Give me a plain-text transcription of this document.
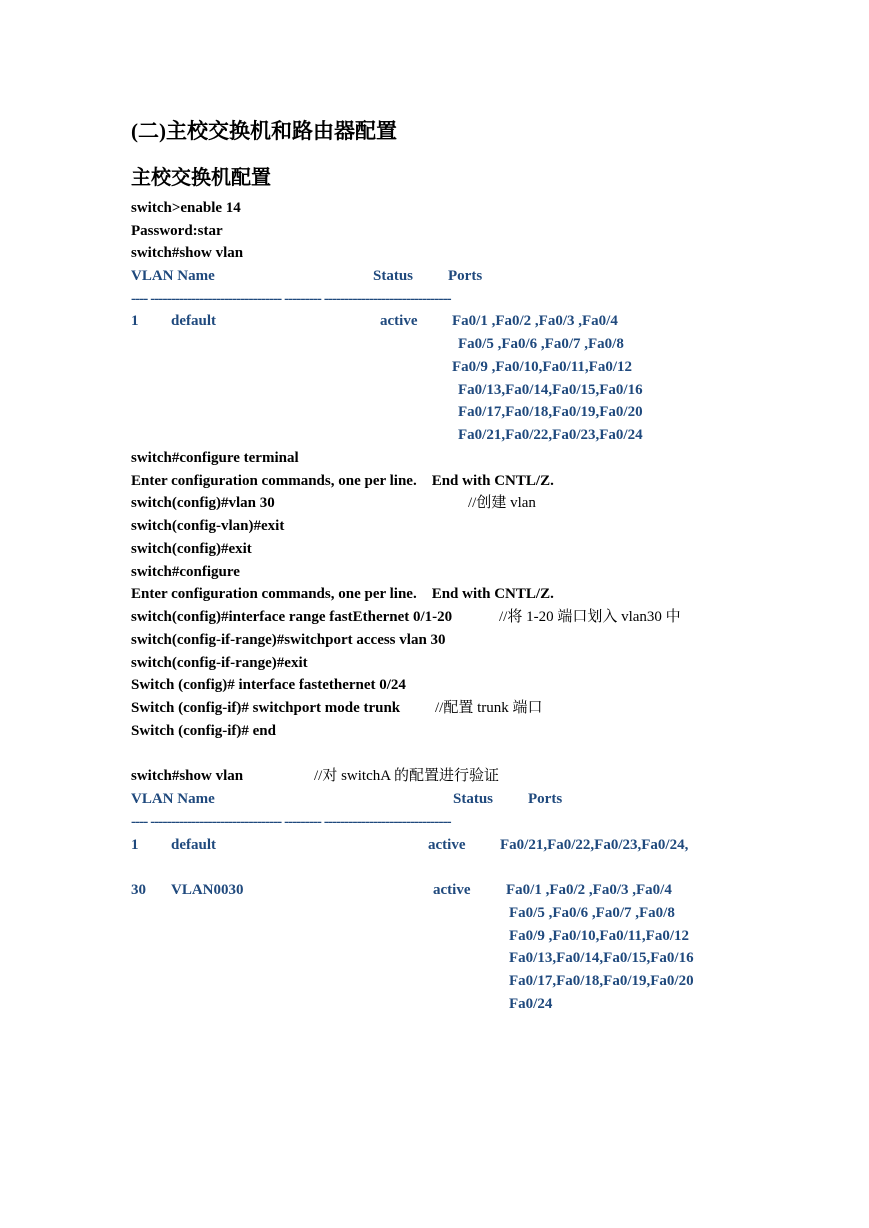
(二)主校交换机和路由器配置
主校交换机配置
switch>enable 14
Password:star
switch#show vlan
VLAN Name	Status Ports
---- -------------------------------- --------- -------------------------------
1 default	active Fa0/1 ,Fa0/2 ,Fa0/3 ,Fa0/4
Fa0/5 ,Fa0/6 ,Fa0/7 ,Fa0/8
Fa0/9 ,Fa0/10,Fa0/11,Fa0/12
Fa0/13,Fa0/14,Fa0/15,Fa0/16
Fa0/17,Fa0/18,Fa0/19,Fa0/20
Fa0/21,Fa0/22,Fa0/23,Fa0/24
switch#configure terminal
Enter configuration commands, one per line.    End with CNTL/Z.
switch(config)#vlan 30	//创建 vlan
switch(config-vlan)#exit
switch(config)#exit
switch#configure
Enter configuration commands, one per line.    End with CNTL/Z.
switch(config)#interface range fastEthernet 0/1-20	//将 1-20 端口划入 vlan30 中
switch(config-if-range)#switchport access vlan 30
switch(config-if-range)#exit
Switch (config)# interface fastethernet 0/24
Switch (config-if)# switchport mode trunk //配置 trunk 端口
Switch (config-if)# end
switch#show vlan	//对 switchA 的配置进行验证
VLAN Name	Status Ports
---- -------------------------------- --------- -------------------------------
1 default	active Fa0/21,Fa0/22,Fa0/23,Fa0/24,
30 VLAN0030	active Fa0/1 ,Fa0/2 ,Fa0/3 ,Fa0/4
Fa0/5 ,Fa0/6 ,Fa0/7 ,Fa0/8
Fa0/9 ,Fa0/10,Fa0/11,Fa0/12
Fa0/13,Fa0/14,Fa0/15,Fa0/16
Fa0/17,Fa0/18,Fa0/19,Fa0/20
Fa0/24
